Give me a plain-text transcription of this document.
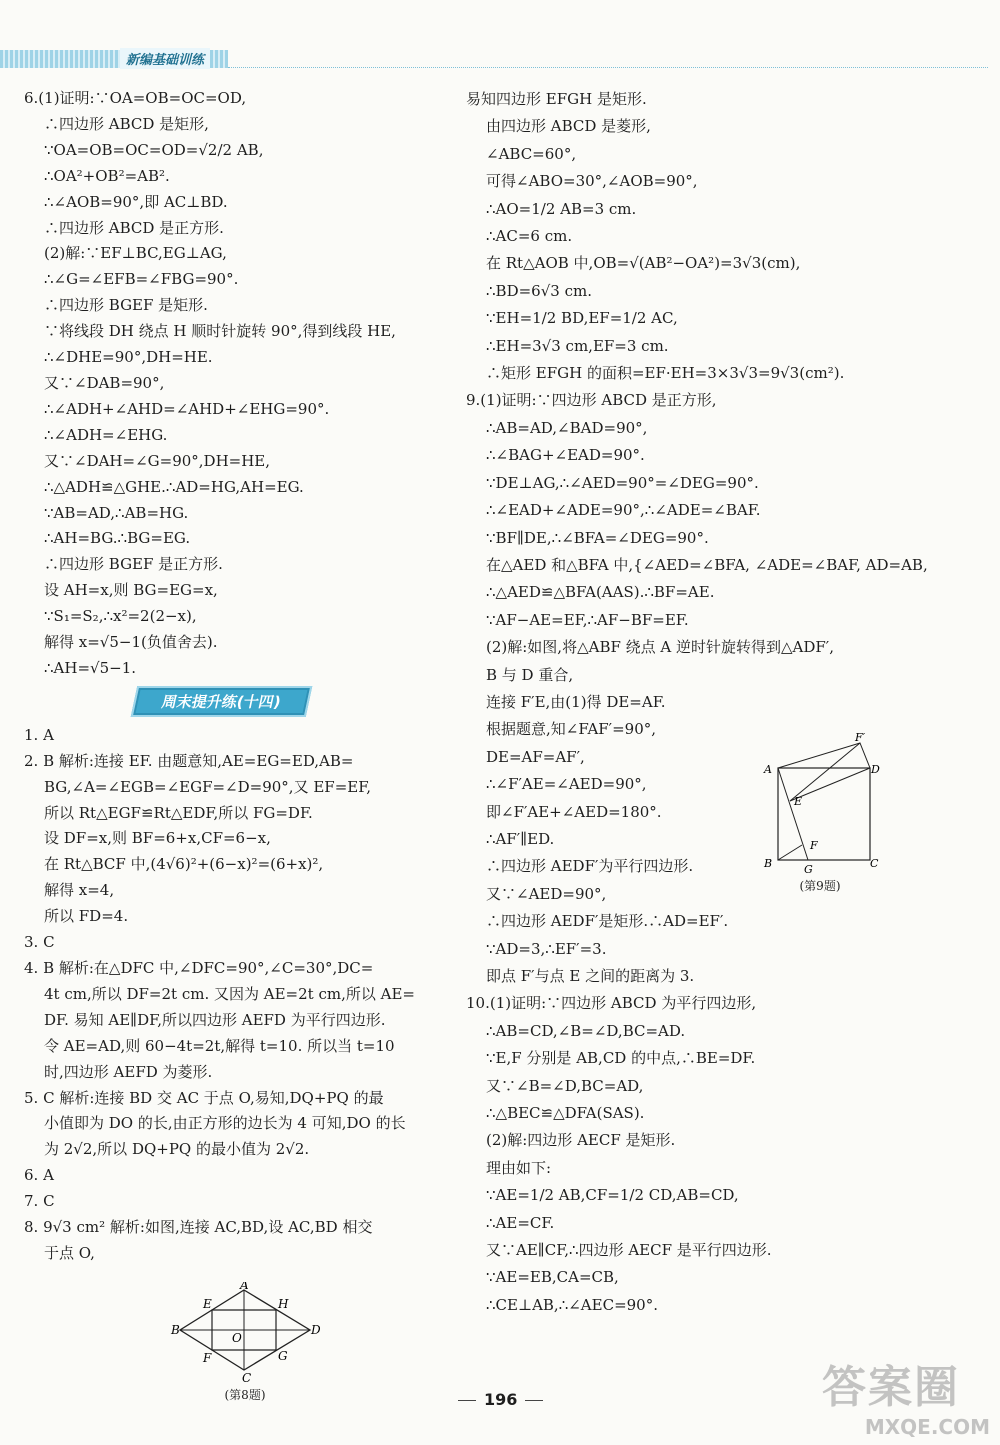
新编基础训练
6.(1)证明:∵OA=OB=OC=OD,
∴四边形 ABCD 是矩形,
∵OA=OB=OC=OD=√2/2 AB,
∴OA²+OB²=AB².
∴∠AOB=90°,即 AC⊥BD.
∴四边形 ABCD 是正方形.
(2)解:∵EF⊥BC,EG⊥AG,
∴∠G=∠EFB=∠FBG=90°.
∴四边形 BGEF 是矩形.
∵将线段 DH 绕点 H 顺时针旋转 90°,得到线段 HE,
∴∠DHE=90°,DH=HE.
又∵∠DAB=90°,
∴∠ADH+∠AHD=∠AHD+∠EHG=90°.
∴∠ADH=∠EHG.
又∵∠DAH=∠G=90°,DH=HE,
∴△ADH≌△GHE.∴AD=HG,AH=EG.
∵AB=AD,∴AB=HG.
∴AH=BG.∴BG=EG.
∴四边形 BGEF 是正方形.
设 AH=x,则 BG=EG=x,
∵S₁=S₂,∴x²=2(2−x),
解得 x=√5−1(负值舍去).
∴AH=√5−1.
周末提升练(十四)
1. A
2. B 解析:连接 EF. 由题意知,AE=EG=ED,AB=
BG,∠A=∠EGB=∠EGF=∠D=90°,又 EF=EF,
所以 Rt△EGF≌Rt△EDF,所以 FG=DF.
设 DF=x,则 BF=6+x,CF=6−x,
在 Rt△BCF 中,(4√6)²+(6−x)²=(6+x)²,
解得 x=4,
所以 FD=4.
3. C
4. B 解析:在△DFC 中,∠DFC=90°,∠C=30°,DC=
4t cm,所以 DF=2t cm. 又因为 AE=2t cm,所以 AE=
DF. 易知 AE∥DF,所以四边形 AEFD 为平行四边形.
令 AE=AD,则 60−4t=2t,解得 t=10. 所以当 t=10
时,四边形 AEFD 为菱形.
5. C 解析:连接 BD 交 AC 于点 O,易知,DQ+PQ 的最
小值即为 DO 的长,由正方形的边长为 4 可知,DO 的长
为 2√2,所以 DQ+PQ 的最小值为 2√2.
6. A
7. C
8. 9√3 cm² 解析:如图,连接 AC,BD,设 AC,BD 相交
于点 O,
A
B
C
D
E	H
F	G
O
(第8题)
易知四边形 EFGH 是矩形.
由四边形 ABCD 是菱形,
∠ABC=60°,
可得∠ABO=30°,∠AOB=90°,
∴AO=1/2 AB=3 cm.
∴AC=6 cm.
在 Rt△AOB 中,OB=√(AB²−OA²)=3√3(cm),
∴BD=6√3 cm.
∵EH=1/2 BD,EF=1/2 AC,
∴EH=3√3 cm,EF=3 cm.
∴矩形 EFGH 的面积=EF·EH=3×3√3=9√3(cm²).
9.(1)证明:∵四边形 ABCD 是正方形,
∴AB=AD,∠BAD=90°,
∴∠BAG+∠EAD=90°.
∵DE⊥AG,∴∠AED=90°=∠DEG=90°.
∴∠EAD+∠ADE=90°,∴∠ADE=∠BAF.
∵BF∥DE,∴∠BFA=∠DEG=90°.
在△AED 和△BFA 中,{∠AED=∠BFA, ∠ADE=∠BAF, AD=AB,
∴△AED≌△BFA(AAS).∴BF=AE.
∵AF−AE=EF,∴AF−BF=EF.
(2)解:如图,将△ABF 绕点 A 逆时针旋转得到△ADF′,
B 与 D 重合,
连接 F′E,由(1)得 DE=AF.
根据题意,知∠FAF′=90°,
DE=AF=AF′,
∴∠F′AE=∠AED=90°,
即∠F′AE+∠AED=180°.
∴AF′∥ED.
∴四边形 AEDF′为平行四边形.
又∵∠AED=90°,
∴四边形 AEDF′是矩形.∴AD=EF′.
∵AD=3,∴EF′=3.
即点 F′与点 E 之间的距离为 3.
10.(1)证明:∵四边形 ABCD 为平行四边形,
∴AB=CD,∠B=∠D,BC=AD.
∵E,F 分别是 AB,CD 的中点,∴BE=DF.
又∵∠B=∠D,BC=AD,
∴△BEC≌△DFA(SAS).
(2)解:四边形 AECF 是矩形.
理由如下:
∵AE=1/2 AB,CF=1/2 CD,AB=CD,
∴AE=CF.
又∵AE∥CF,∴四边形 AECF 是平行四边形.
∵AE=EB,CA=CB,
∴CE⊥AB,∴∠AEC=90°.
A	D
B	C
E
F
F′
G
(第9题)
196	答案圈
MXQE.COM
